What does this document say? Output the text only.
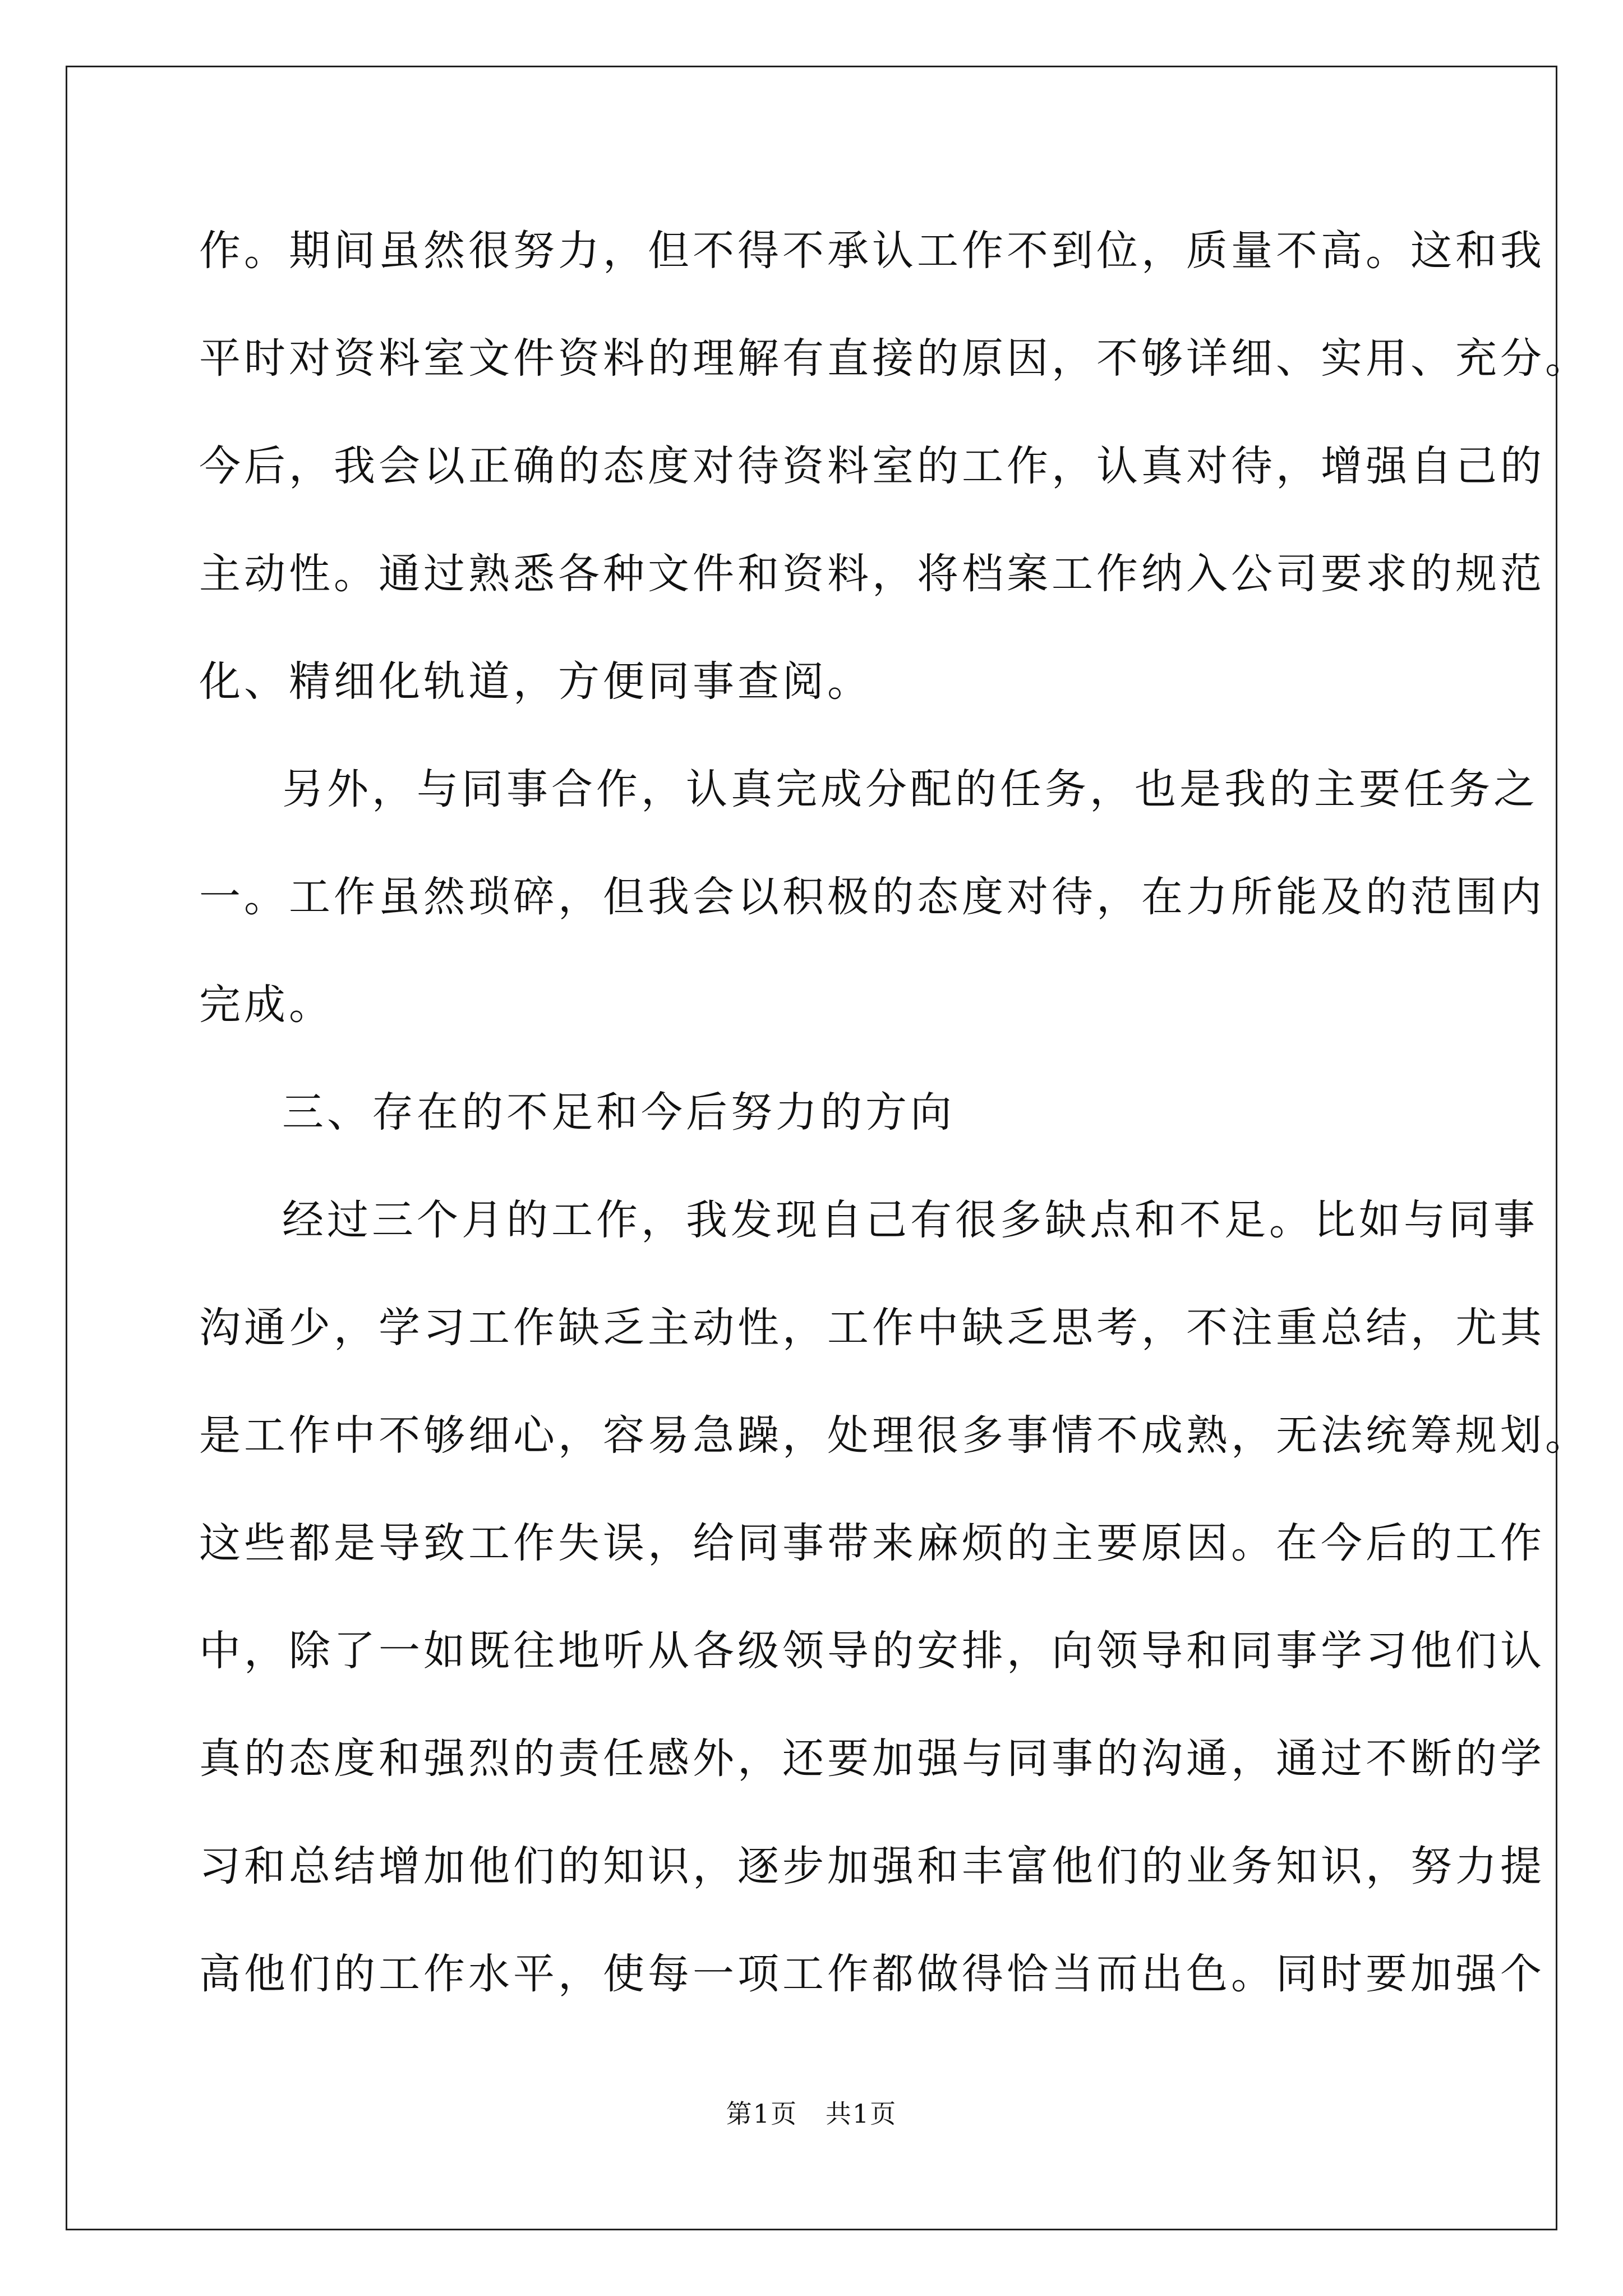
作。期间虽然很努力，但不得不承认工作不到位，质量不高。这和我
平时对资料室文件资料的理解有直接的原因，不够详细、实用、充分。
今后，我会以正确的态度对待资料室的工作，认真对待，增强自己的
主动性。通过熟悉各种文件和资料，将档案工作纳入公司要求的规范
化、精细化轨道，方便同事查阅。
另外，与同事合作，认真完成分配的任务，也是我的主要任务之
一。工作虽然琐碎，但我会以积极的态度对待，在力所能及的范围内
完成。
三、存在的不足和今后努力的方向
经过三个月的工作，我发现自己有很多缺点和不足。比如与同事
沟通少，学习工作缺乏主动性，工作中缺乏思考，不注重总结，尤其
是工作中不够细心，容易急躁，处理很多事情不成熟，无法统筹规划。
这些都是导致工作失误，给同事带来麻烦的主要原因。在今后的工作
中，除了一如既往地听从各级领导的安排，向领导和同事学习他们认
真的态度和强烈的责任感外，还要加强与同事的沟通，通过不断的学
习和总结增加他们的知识，逐步加强和丰富他们的业务知识，努力提
高他们的工作水平，使每一项工作都做得恰当而出色。同时要加强个
第1页   共1页
